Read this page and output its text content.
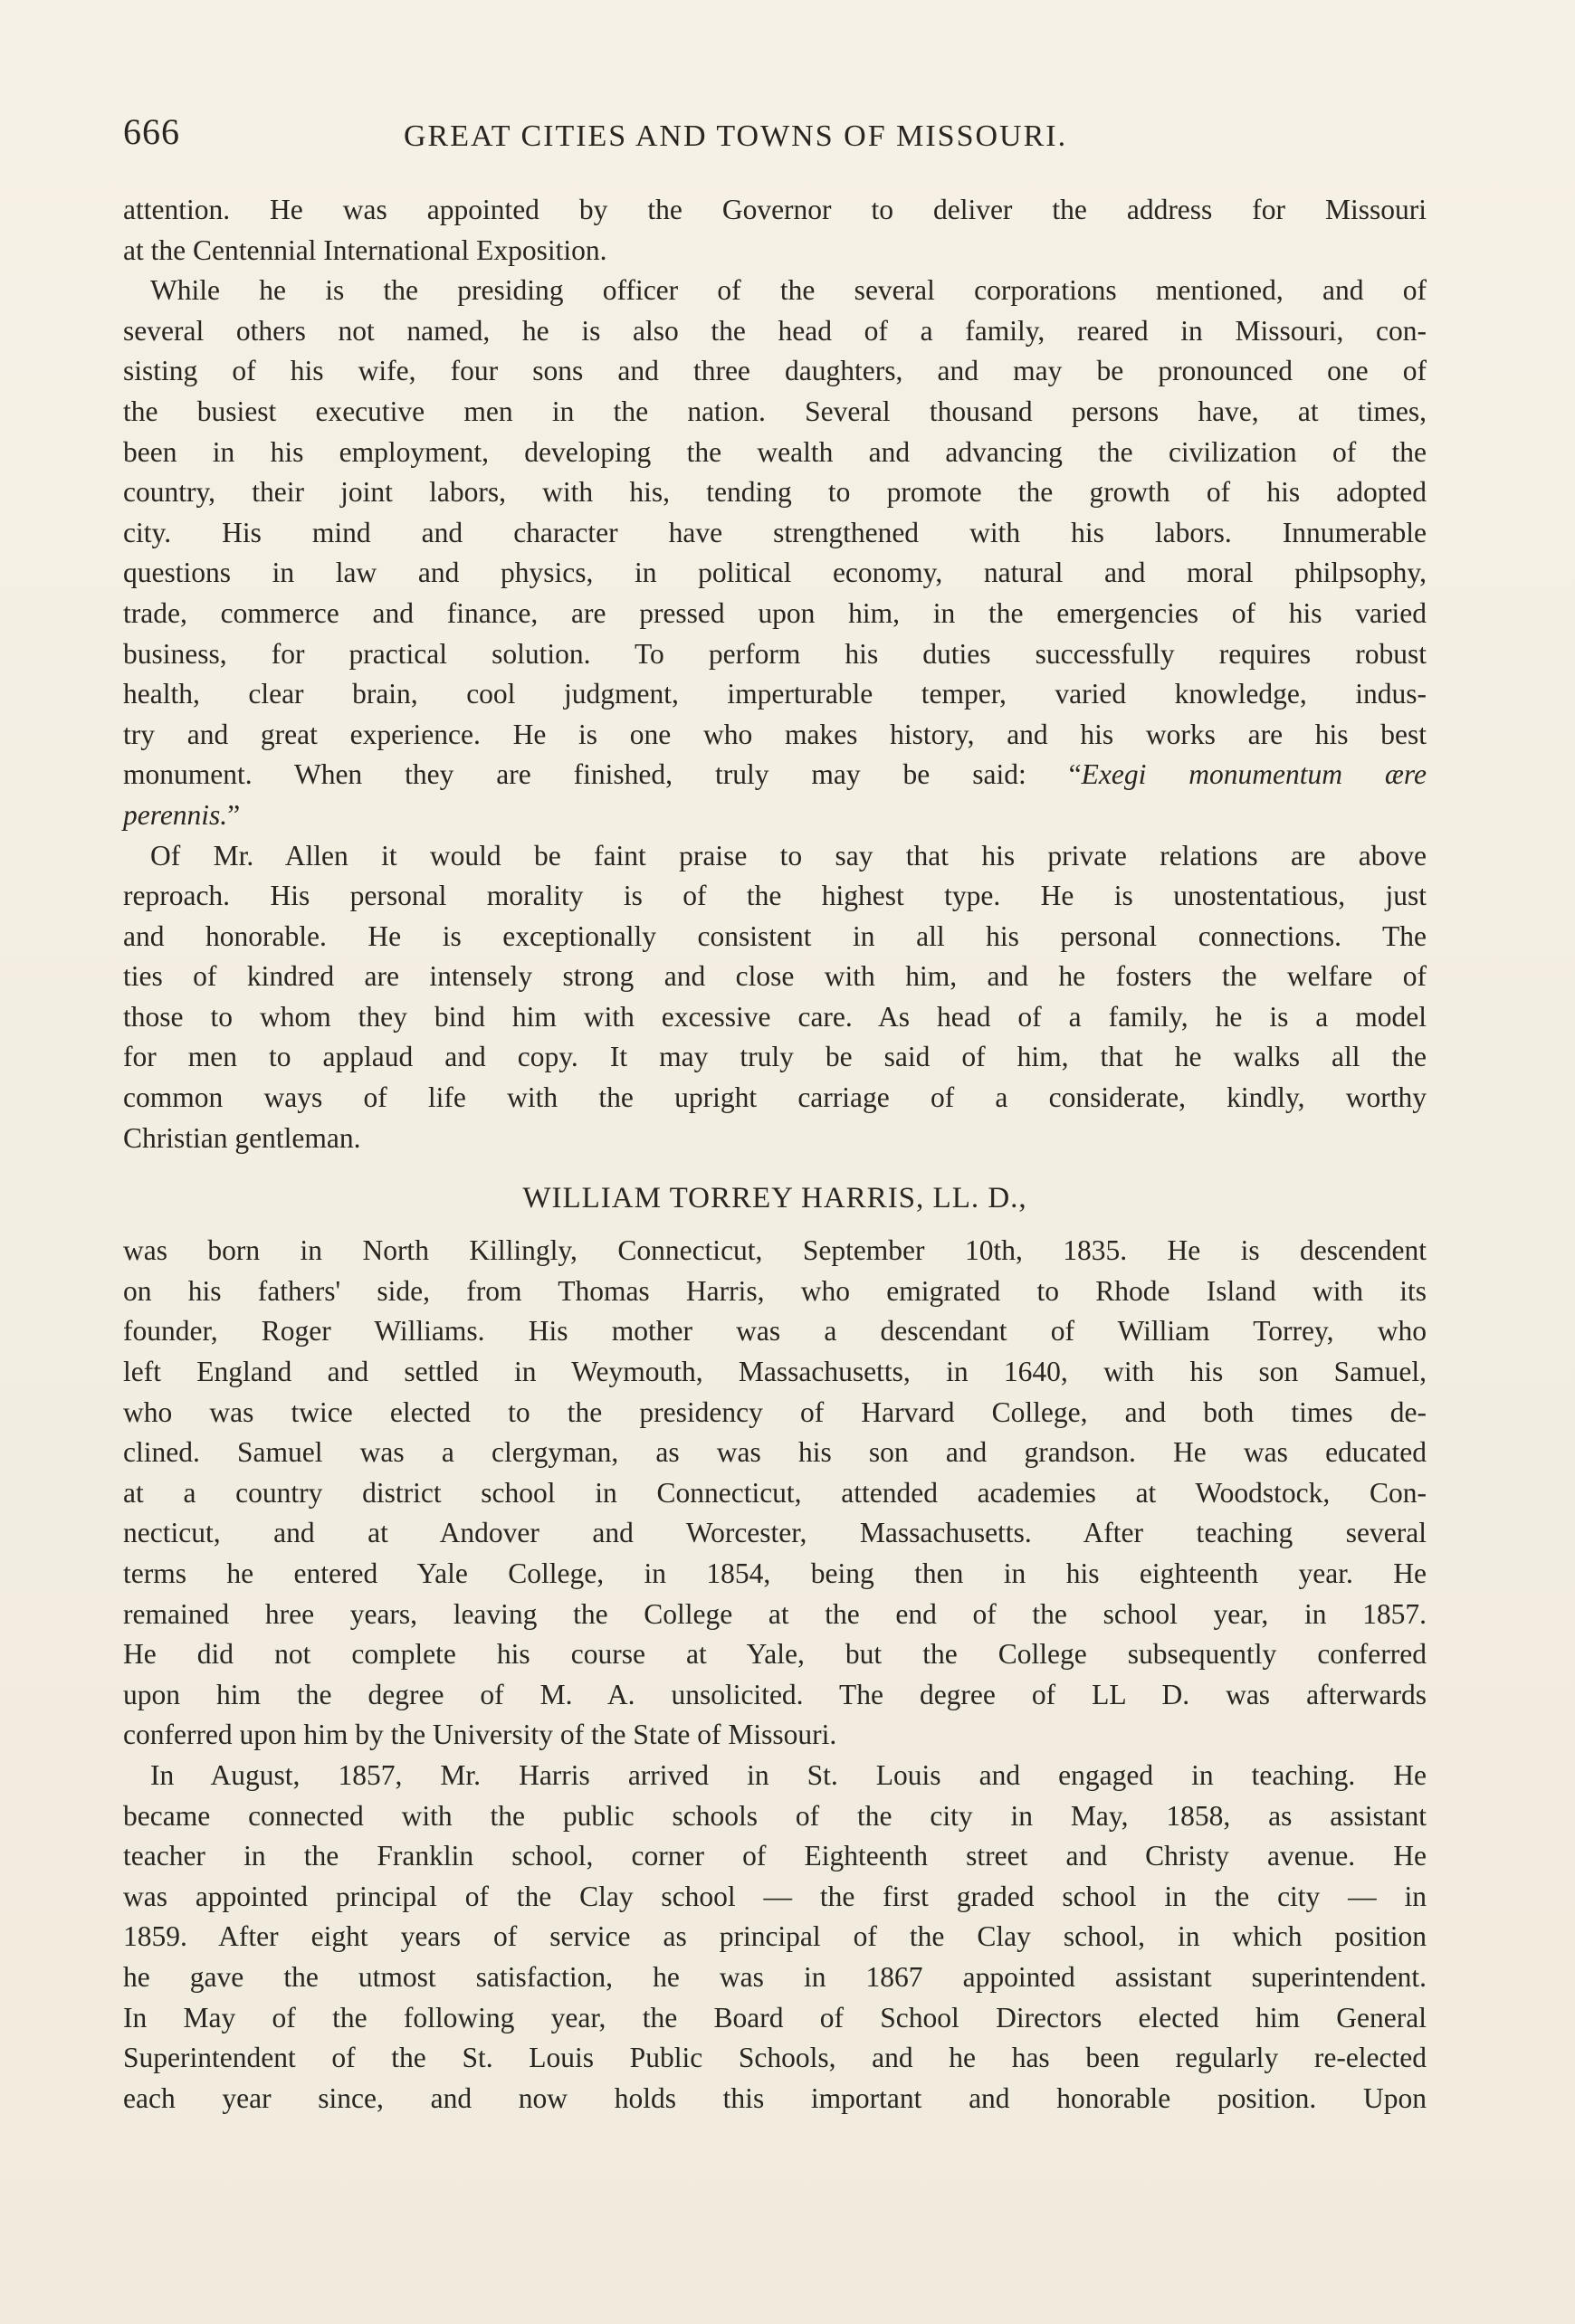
666	GREAT CITIES AND TOWNS OF MISSOURI.
attention. He was appointed by the Governor to deliver the address for Missouri
at the Centennial International Exposition.
While he is the presiding officer of the several corporations mentioned, and of
several others not named, he is also the head of a family, reared in Missouri, con-
sisting of his wife, four sons and three daughters, and may be pronounced one of
the busiest executive men in the nation. Several thousand persons have, at times,
been in his employment, developing the wealth and advancing the civilization of the
country, their joint labors, with his, tending to promote the growth of his adopted
city. His mind and character have strengthened with his labors. Innumerable
questions in law and physics, in political economy, natural and moral philpsophy,
trade, commerce and finance, are pressed upon him, in the emergencies of his varied
business, for practical solution. To perform his duties successfully requires robust
health, clear brain, cool judgment, imperturable temper, varied knowledge, indus-
try and great experience. He is one who makes history, and his works are his best
monument. When they are finished, truly may be said: “Exegi monumentum ære
perennis.”
Of Mr. Allen it would be faint praise to say that his private relations are above
reproach. His personal morality is of the highest type. He is unostentatious, just
and honorable. He is exceptionally consistent in all his personal connections. The
ties of kindred are intensely strong and close with him, and he fosters the welfare of
those to whom they bind him with excessive care. As head of a family, he is a model
for men to applaud and copy. It may truly be said of him, that he walks all the
common ways of life with the upright carriage of a considerate, kindly, worthy
Christian gentleman.
WILLIAM TORREY HARRIS, LL. D.,
was born in North Killingly, Connecticut, September 10th, 1835. He is descendent
on his fathers' side, from Thomas Harris, who emigrated to Rhode Island with its
founder, Roger Williams. His mother was a descendant of William Torrey, who
left England and settled in Weymouth, Massachusetts, in 1640, with his son Samuel,
who was twice elected to the presidency of Harvard College, and both times de-
clined. Samuel was a clergyman, as was his son and grandson. He was educated
at a country district school in Connecticut, attended academies at Woodstock, Con-
necticut, and at Andover and Worcester, Massachusetts. After teaching several
terms he entered Yale College, in 1854, being then in his eighteenth year. He
remained hree years, leaving the College at the end of the school year, in 1857.
He did not complete his course at Yale, but the College subsequently conferred
upon him the degree of M. A. unsolicited. The degree of LL D. was afterwards
conferred upon him by the University of the State of Missouri.
In August, 1857, Mr. Harris arrived in St. Louis and engaged in teaching. He
became connected with the public schools of the city in May, 1858, as assistant
teacher in the Franklin school, corner of Eighteenth street and Christy avenue. He
was appointed principal of the Clay school — the first graded school in the city — in
1859. After eight years of service as principal of the Clay school, in which position
he gave the utmost satisfaction, he was in 1867 appointed assistant superintendent.
In May of the following year, the Board of School Directors elected him General
Superintendent of the St. Louis Public Schools, and he has been regularly re-elected
each year since, and now holds this important and honorable position. Upon
